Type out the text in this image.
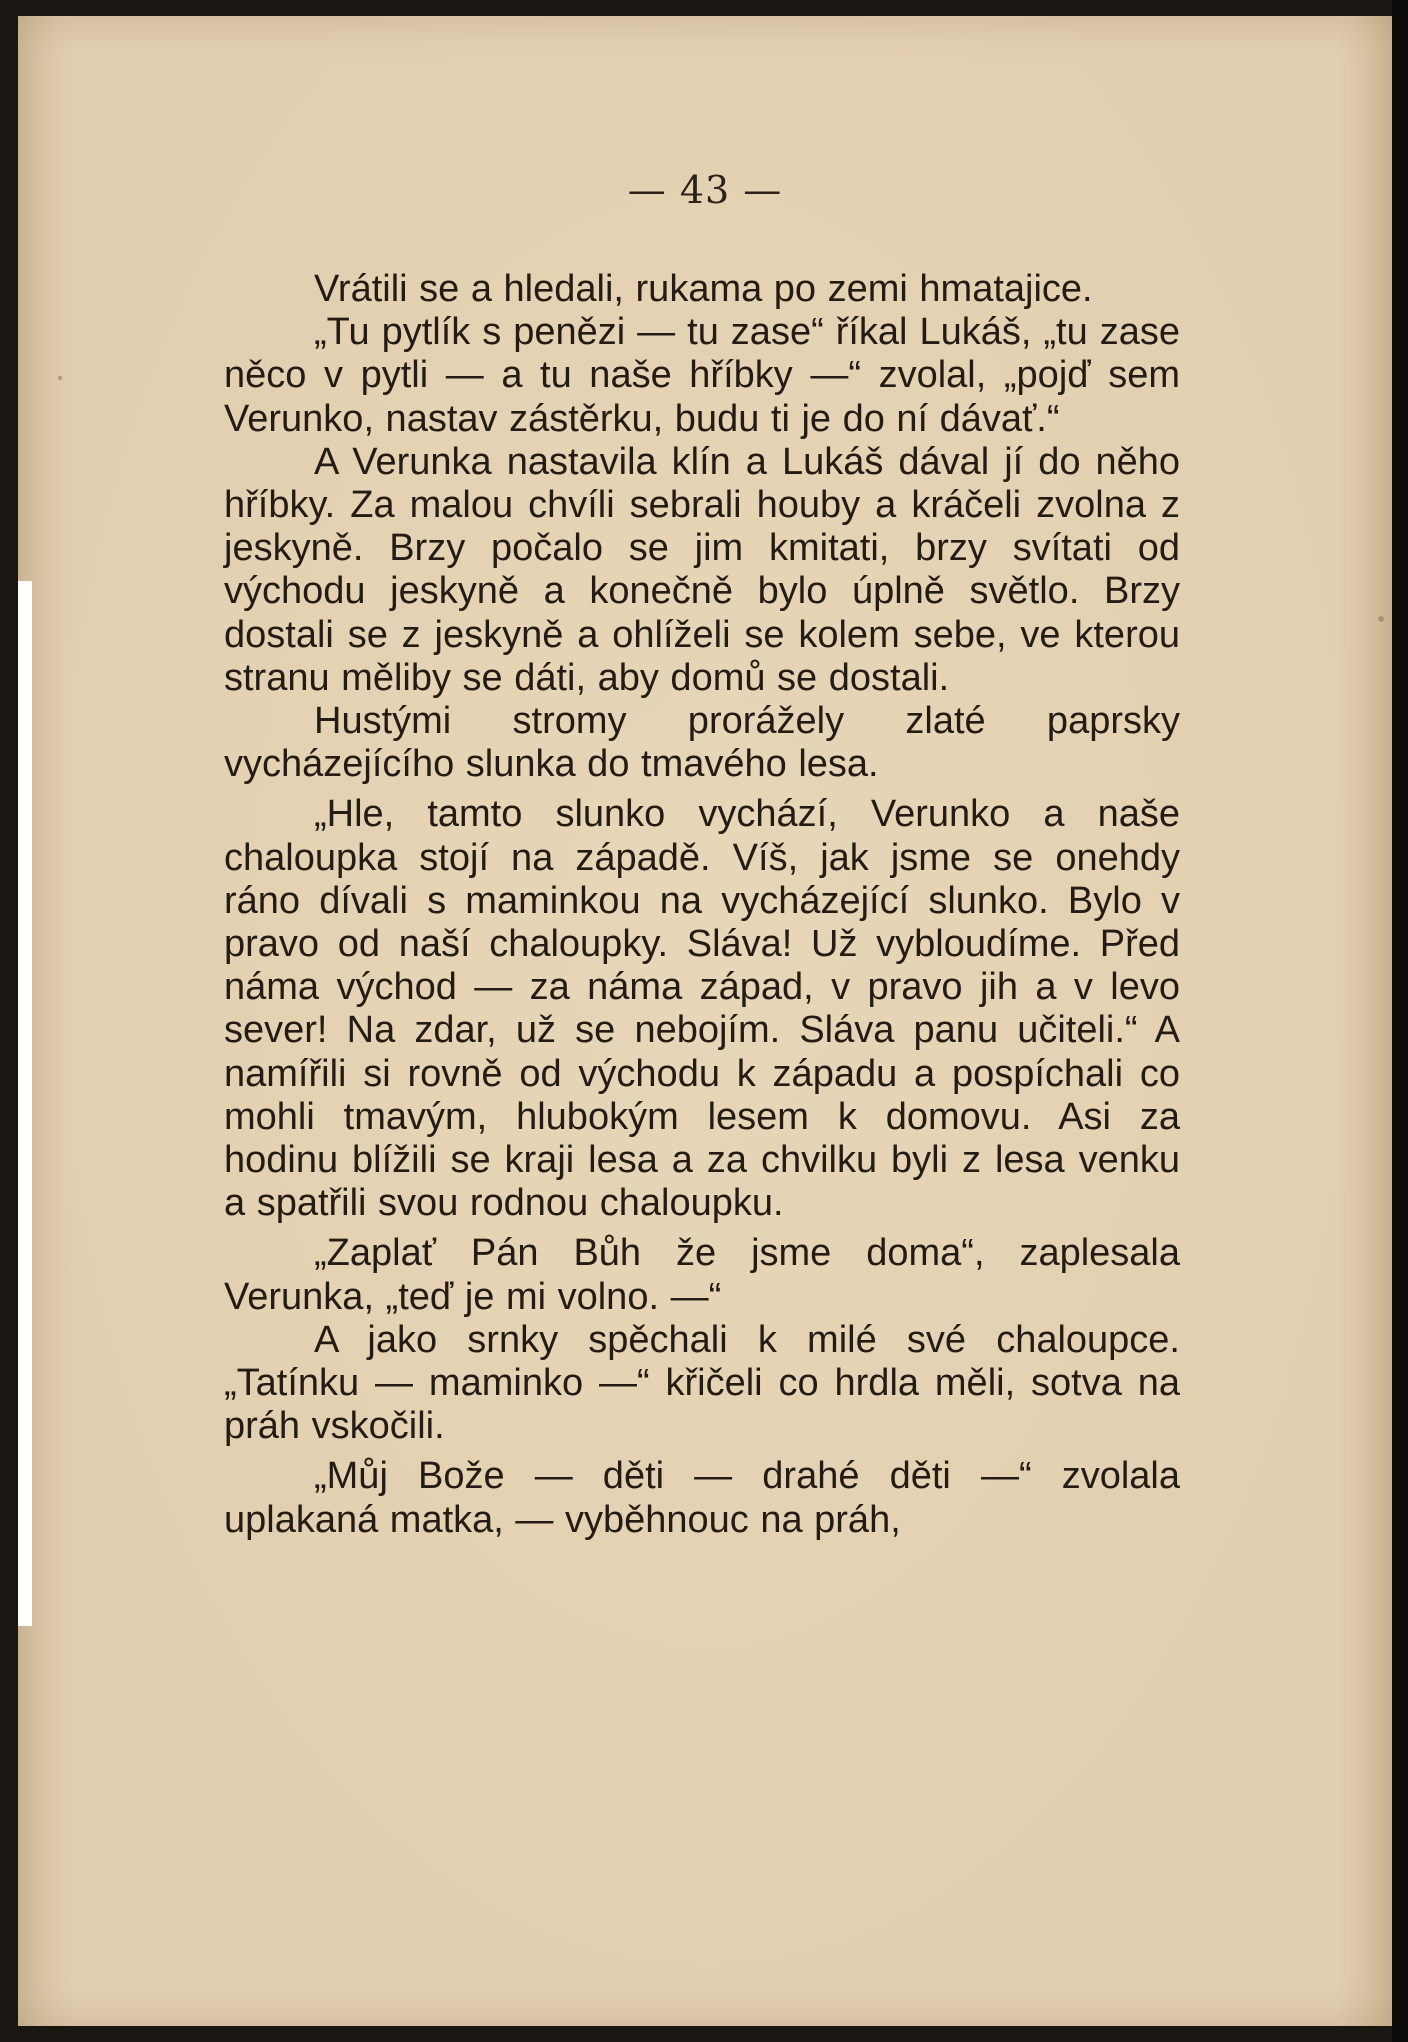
— 43 —

Vrátili se a hledali, rukama po zemi hmatajice.

„Tu pytlík s penězi — tu zase“ říkal Lukáš, „tu zase něco v pytli — a tu naše hříbky —“ zvolal, „pojď sem Verunko, nastav zástěrku, budu ti je do ní dávať.“

A Verunka nastavila klín a Lukáš dával jí do něho hříbky. Za malou chvíli sebrali houby a kráčeli zvolna z jeskyně. Brzy počalo se jim kmitati, brzy svítati od východu jeskyně a konečně bylo úplně světlo. Brzy dostali se z jeskyně a ohlíželi se kolem sebe, ve kterou stranu měliby se dáti, aby domů se dostali.

Hustými stromy prorážely zlaté paprsky vycházejícího slunka do tmavého lesa.

„Hle, tamto slunko vychází, Verunko a naše chaloupka stojí na západě. Víš, jak jsme se onehdy ráno dívali s maminkou na vycházející slunko. Bylo v pravo od naší chaloupky. Sláva! Už vybloudíme. Před náma východ — za náma západ, v pravo jih a v levo sever! Na zdar, už se nebojím. Sláva panu učiteli.“ A namířili si rovně od východu k západu a pospíchali co mohli tmavým, hlubokým lesem k domovu. Asi za hodinu blížili se kraji lesa a za chvilku byli z lesa venku a spatřili svou rodnou chaloupku.

„Zaplať Pán Bůh že jsme doma“, zaplesala Verunka, „teď je mi volno. —“

A jako srnky spěchali k milé své chaloupce. „Tatínku — maminko —“ křičeli co hrdla měli, sotva na práh vskočili.

„Můj Bože — děti — drahé děti —“ zvolala uplakaná matka, — vyběhnouc na práh,
